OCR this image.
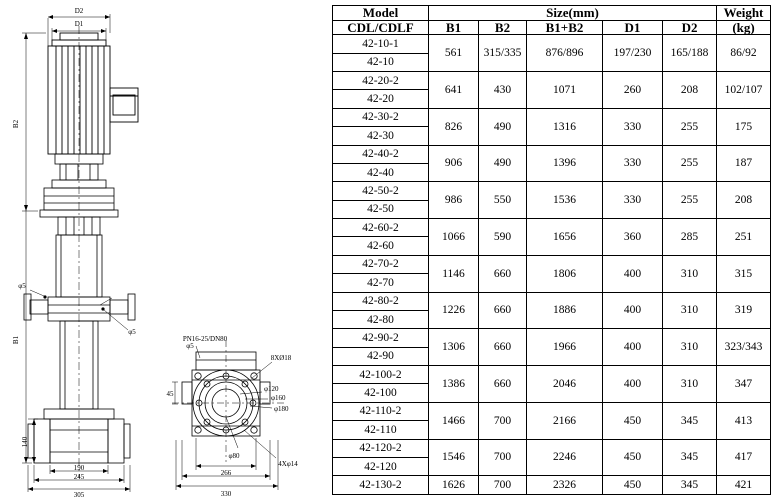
D2
D1
B2
B1
140
190
245
305
φ5
φ5
PN16-25/DN80
8XØ18
φ5
φ120
φ160
φ180
φ80
45
266
330
4Xφ14
Model	Size(mm)					Weight
CDL/CDLF	B1	B2	B1+B2	D1	D2	(kg)
42-10-1	561	315/335	876/896	197/230	165/188	86/92
42-10						
42-20-2	641	430	1071	260	208	102/107
42-20						
42-30-2	826	490	1316	330	255	175
42-30						
42-40-2	906	490	1396	330	255	187
42-40						
42-50-2	986	550	1536	330	255	208
42-50						
42-60-2	1066	590	1656	360	285	251
42-60						
42-70-2	1146	660	1806	400	310	315
42-70						
42-80-2	1226	660	1886	400	310	319
42-80						
42-90-2	1306	660	1966	400	310	323/343
42-90						
42-100-2	1386	660	2046	400	310	347
42-100						
42-110-2	1466	700	2166	450	345	413
42-110						
42-120-2	1546	700	2246	450	345	417
42-120						
42-130-2	1626	700	2326	450	345	421
